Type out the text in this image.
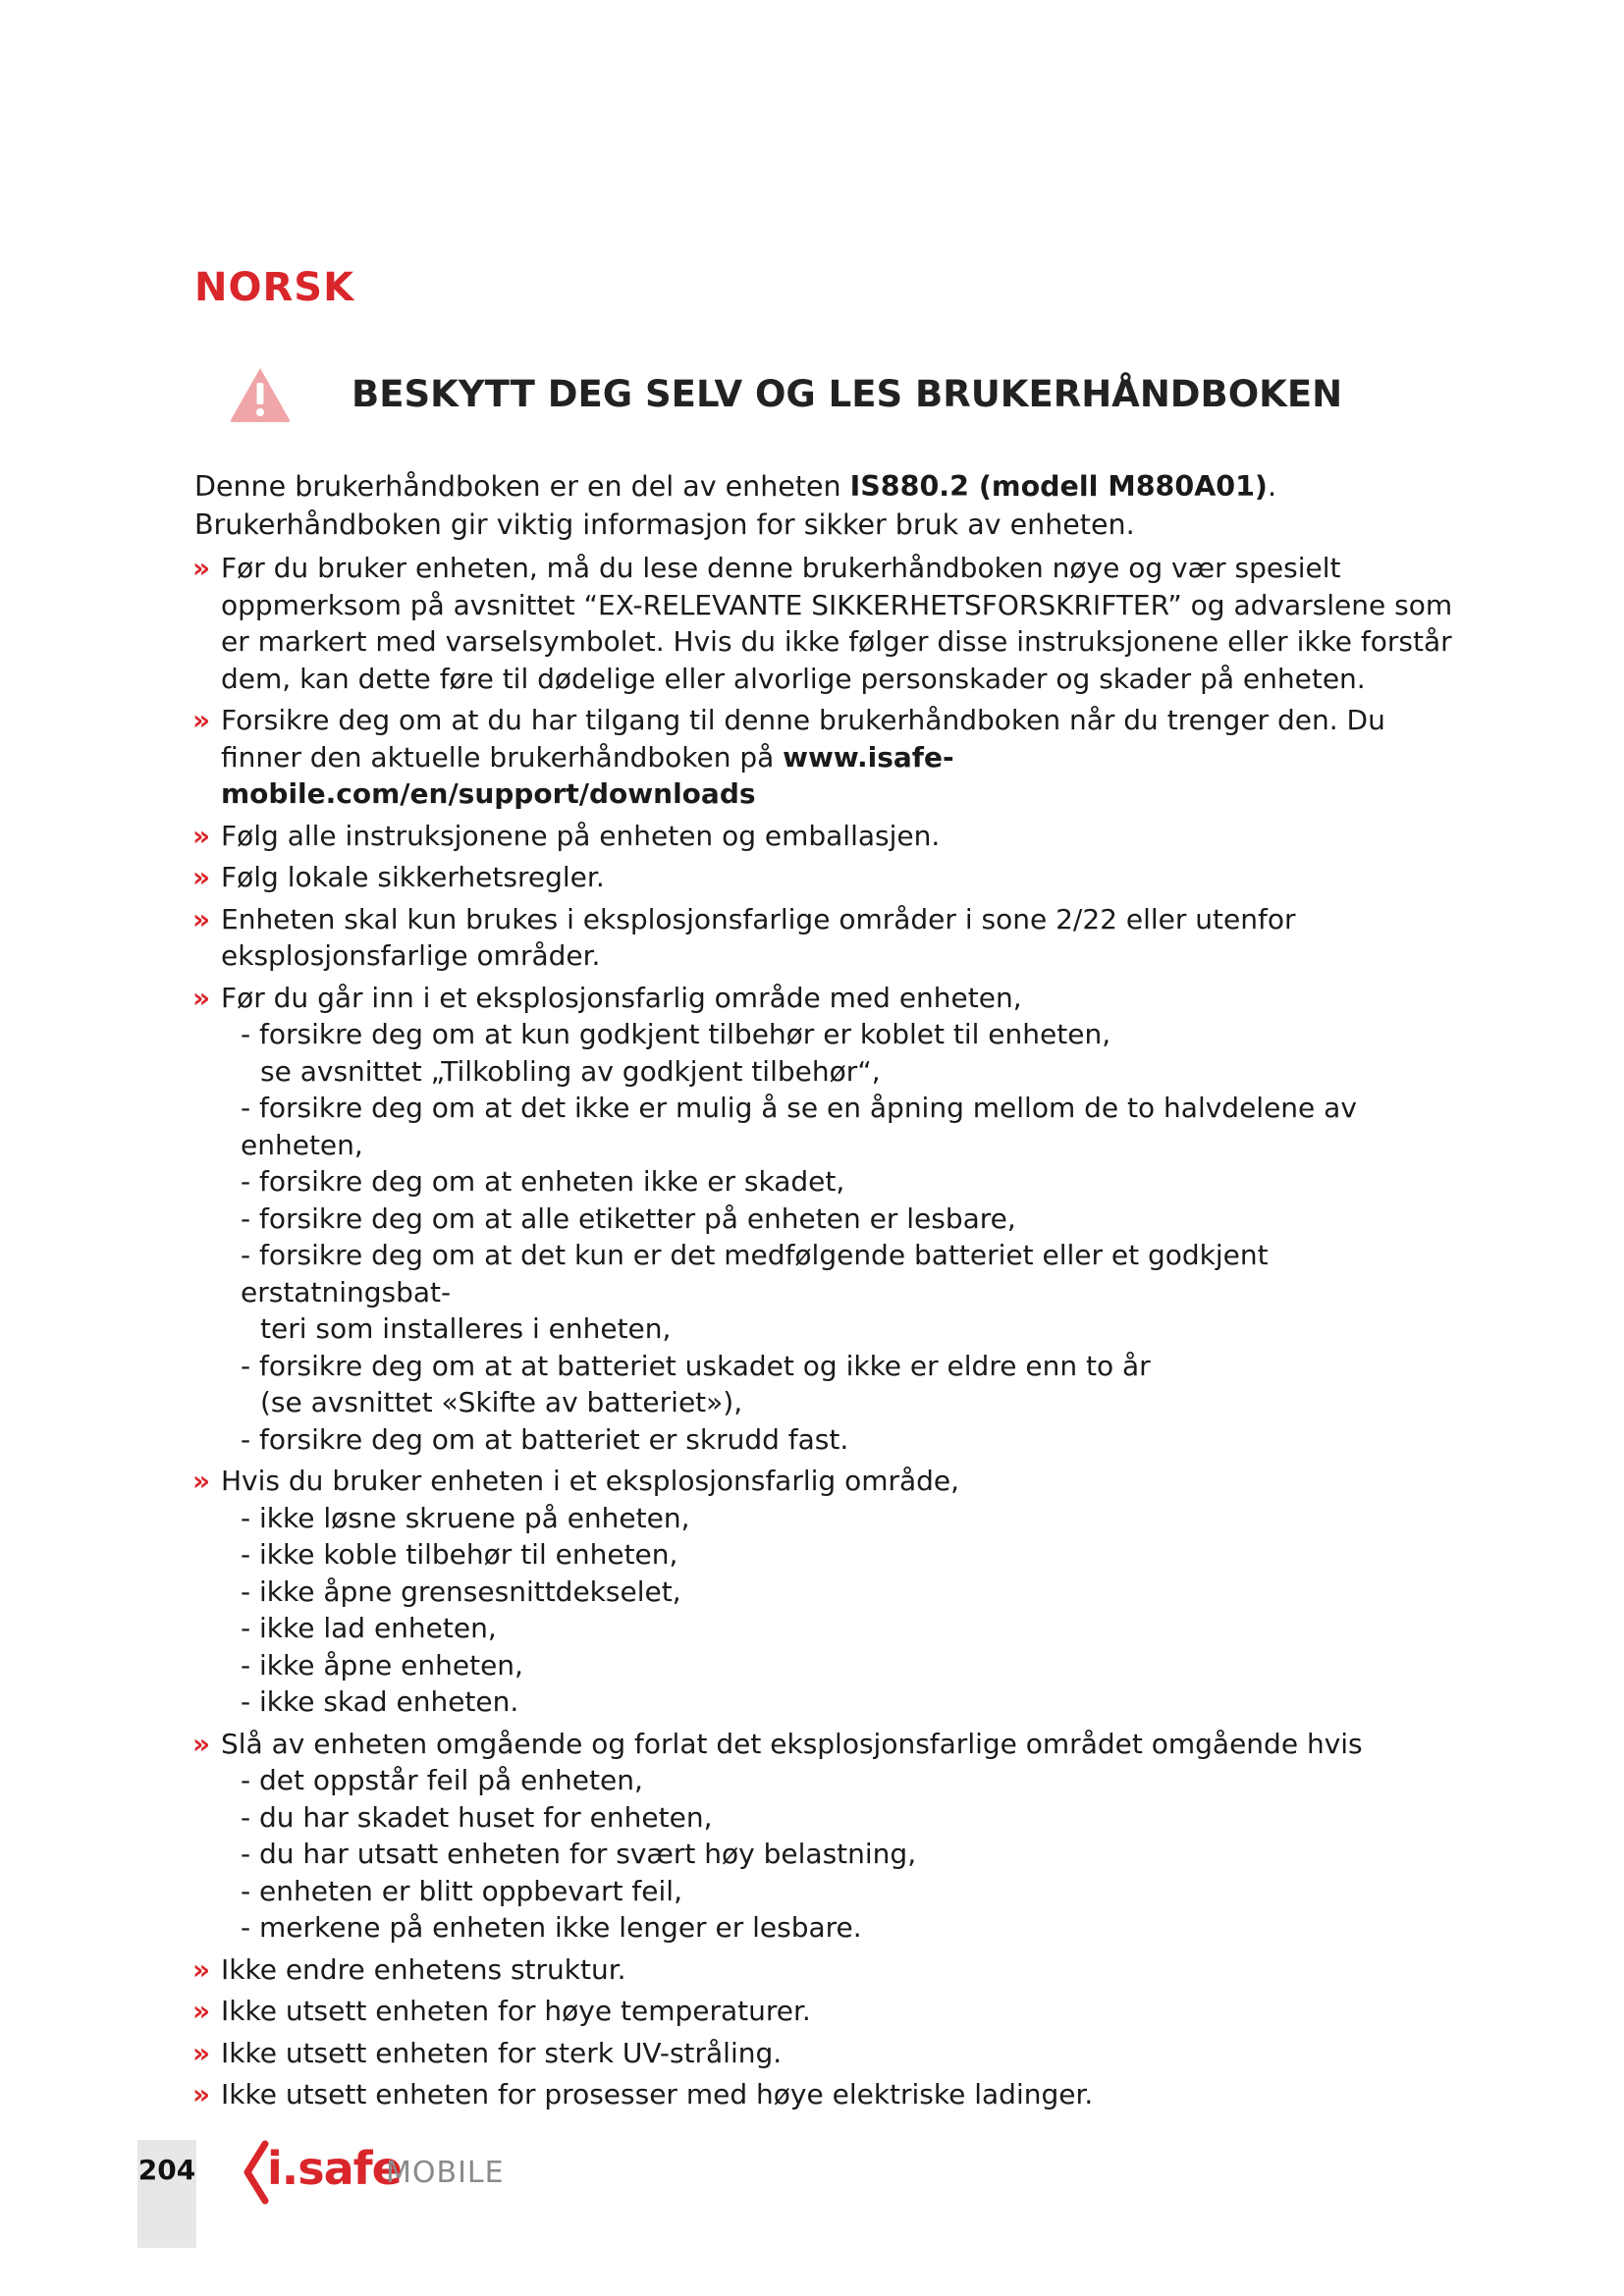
NORSK
BESKYTT DEG SELV OG LES BRUKERHÅNDBOKEN

Denne brukerhåndboken er en del av enheten IS880.2 (modell M880A01). Brukerhåndboken gir viktig informasjon for sikker bruk av enheten.

» Før du bruker enheten, må du lese denne brukerhåndboken nøye og vær spesielt oppmerksom på avsnittet “EX-RELEVANTE SIKKERHETSFORSKRIFTER” og advarslene som er markert med varselsymbolet. Hvis du ikke følger disse instruksjonene eller ikke forstår dem, kan dette føre til dødelige eller alvorlige personskader og skader på enheten.
» Forsikre deg om at du har tilgang til denne brukerhåndboken når du trenger den. Du finner den aktuelle brukerhåndboken på www.isafe-mobile.com/en/support/downloads
» Følg alle instruksjonene på enheten og emballasjen.
» Følg lokale sikkerhetsregler.
» Enheten skal kun brukes i eksplosjonsfarlige områder i sone 2/22 eller utenfor eksplosjonsfarlige områder.
» Før du går inn i et eksplosjonsfarlig område med enheten,
- forsikre deg om at kun godkjent tilbehør er koblet til enheten,
se avsnittet „Tilkobling av godkjent tilbehør“,
- forsikre deg om at det ikke er mulig å se en åpning mellom de to halvdelene av enheten,
- forsikre deg om at enheten ikke er skadet,
- forsikre deg om at alle etiketter på enheten er lesbare,
- forsikre deg om at det kun er det medfølgende batteriet eller et godkjent erstatningsbat-
teri som installeres i enheten,
- forsikre deg om at at batteriet uskadet og ikke er eldre enn to år
(se avsnittet «Skifte av batteriet»),
- forsikre deg om at batteriet er skrudd fast.
» Hvis du bruker enheten i et eksplosjonsfarlig område,
- ikke løsne skruene på enheten,
- ikke koble tilbehør til enheten,
- ikke åpne grensesnittdekselet,
- ikke lad enheten,
- ikke åpne enheten,
- ikke skad enheten.
» Slå av enheten omgående og forlat det eksplosjonsfarlige området omgående hvis
- det oppstår feil på enheten,
- du har skadet huset for enheten,
- du har utsatt enheten for svært høy belastning,
- enheten er blitt oppbevart feil,
- merkene på enheten ikke lenger er lesbare.
» Ikke endre enhetens struktur.
» Ikke utsett enheten for høye temperaturer.
» Ikke utsett enheten for sterk UV-stråling.
» Ikke utsett enheten for prosesser med høye elektriske ladinger.
204 i.safe
MOBILE
